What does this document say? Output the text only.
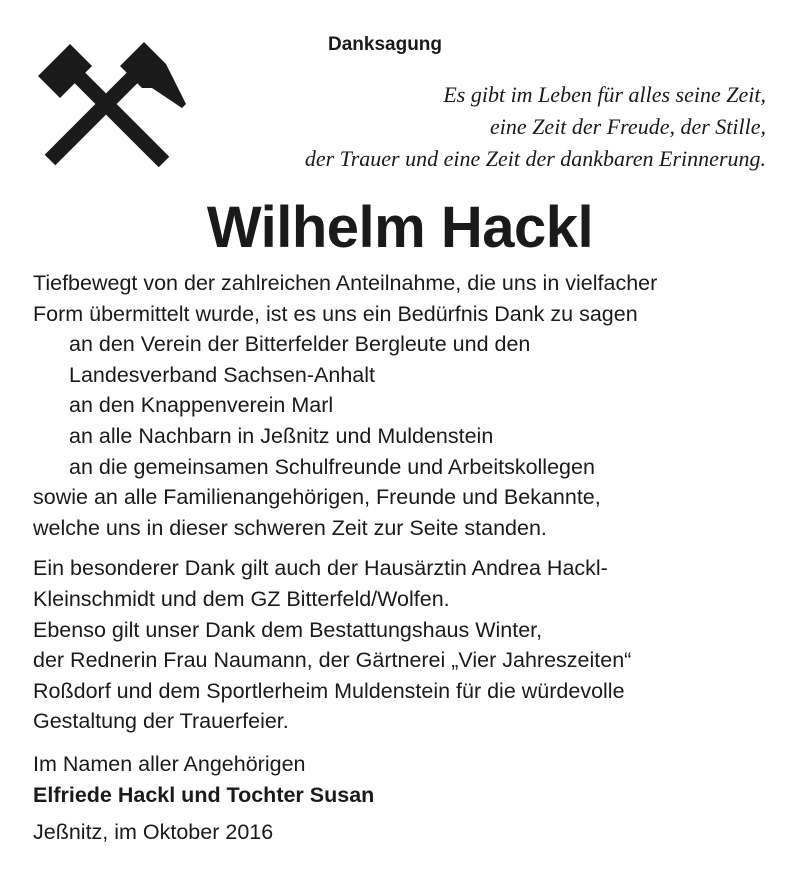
Danksagung
Es gibt im Leben für alles seine Zeit,
eine Zeit der Freude, der Stille,
der Trauer und eine Zeit der dankbaren Erinnerung.
Wilhelm Hackl

Tiefbewegt von der zahlreichen Anteilnahme, die uns in vielfacher
Form übermittelt wurde, ist es uns ein Bedürfnis Dank zu sagen
an den Verein der Bitterfelder Bergleute und den
Landesverband Sachsen-Anhalt
an den Knappenverein Marl
an alle Nachbarn in Jeßnitz und Muldenstein
an die gemeinsamen Schulfreunde und Arbeitskollegen
sowie an alle Familienangehörigen, Freunde und Bekannte,
welche uns in dieser schweren Zeit zur Seite standen.

Ein besonderer Dank gilt auch der Hausärztin Andrea Hackl-
Kleinschmidt und dem GZ Bitterfeld/Wolfen.
Ebenso gilt unser Dank dem Bestattungshaus Winter,
der Rednerin Frau Naumann, der Gärtnerei „Vier Jahreszeiten“
Roßdorf und dem Sportlerheim Muldenstein für die würdevolle
Gestaltung der Trauerfeier.

Im Namen aller Angehörigen
Elfriede Hackl und Tochter Susan

Jeßnitz, im Oktober 2016
